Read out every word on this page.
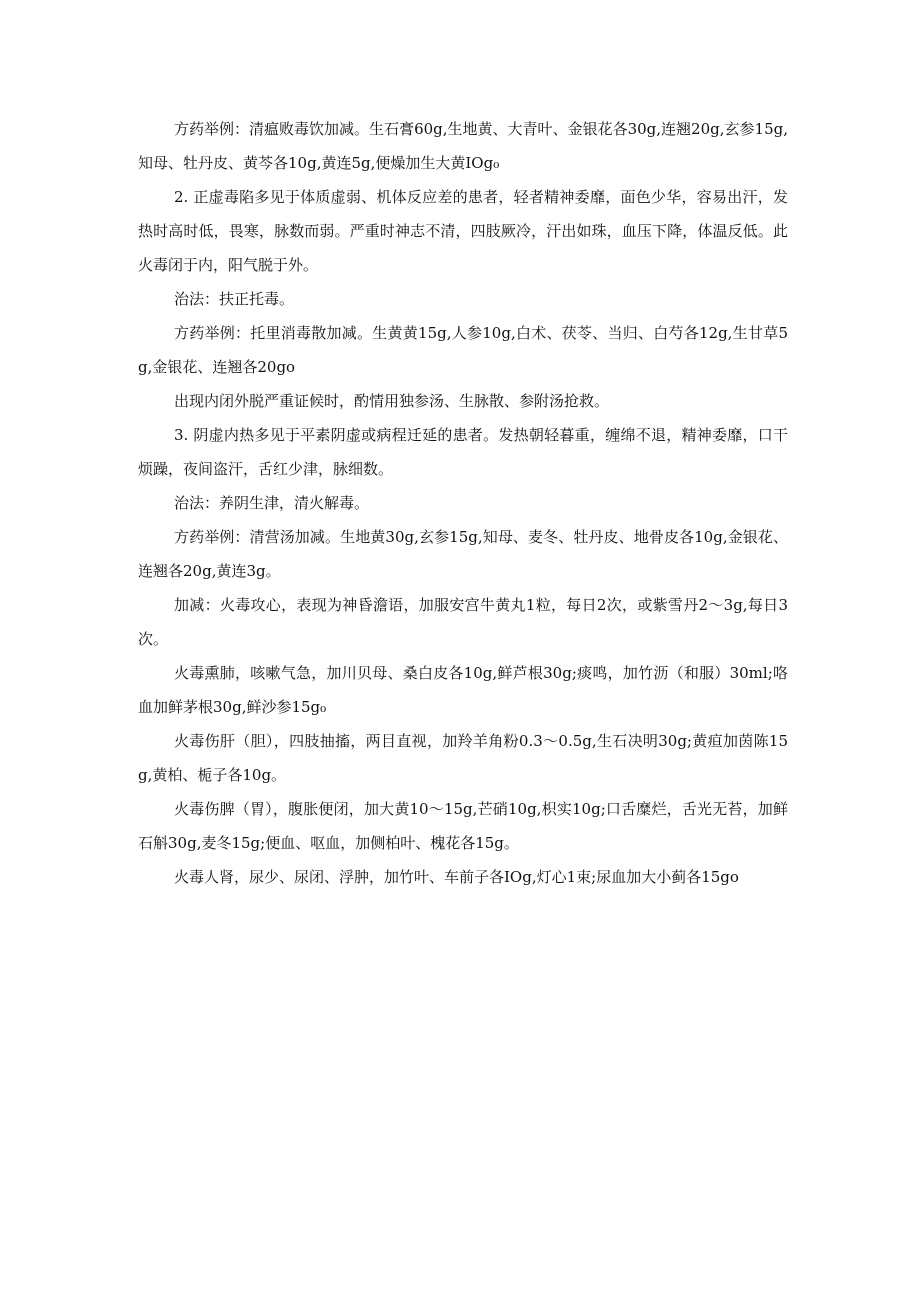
方药举例：清瘟败毒饮加减。生石膏60g,生地黄、大青叶、金银花各30g,连翘20g,玄参15g,知母、牡丹皮、黄芩各10g,黄连5g,便燥加生大黄IOg₀

2. 正虚毒陷多见于体质虚弱、机体反应差的患者，轻者精神委靡，面色少华，容易出汗，发热时高时低，畏寒，脉数而弱。严重时神志不清，四肢厥冷，汗出如珠，血压下降，体温反低。此火毒闭于内，阳气脱于外。

治法：扶正托毒。

方药举例：托里消毒散加减。生黄黄15g,人参10g,白术、茯苓、当归、白芍各12g,生甘草5g,金银花、连翘各20go

出现内闭外脱严重证候时，酌情用独参汤、生脉散、参附汤抢救。

3. 阴虚内热多见于平素阴虚或病程迁延的患者。发热朝轻暮重，缠绵不退，精神委靡，口干烦躁，夜间盗汗，舌红少津，脉细数。

治法：养阴生津，清火解毒。

方药举例：清营汤加减。生地黄30g,玄参15g,知母、麦冬、牡丹皮、地骨皮各10g,金银花、连翘各20g,黄连3g。

加减：火毒攻心，表现为神昏澹语，加服安宫牛黄丸1粒，每日2次，或紫雪丹2～3g,每日3次。

火毒熏肺，咳嗽气急，加川贝母、桑白皮各10g,鲜芦根30g;痰鸣，加竹沥（和服）30ml;咯血加鲜茅根30g,鲜沙参15g₀

火毒伤肝（胆），四肢抽搐，两目直视，加羚羊角粉0.3～0.5g,生石决明30g;黄疸加茵陈15g,黄柏、栀子各10g。

火毒伤脾（胃），腹胀便闭，加大黄10～15g,芒硝10g,枳实10g;口舌糜烂，舌光无苔，加鲜石斛30g,麦冬15g;便血、呕血，加侧柏叶、槐花各15g。

火毒人肾，尿少、尿闭、浮肿，加竹叶、车前子各IOg,灯心1束;尿血加大小蓟各15go
